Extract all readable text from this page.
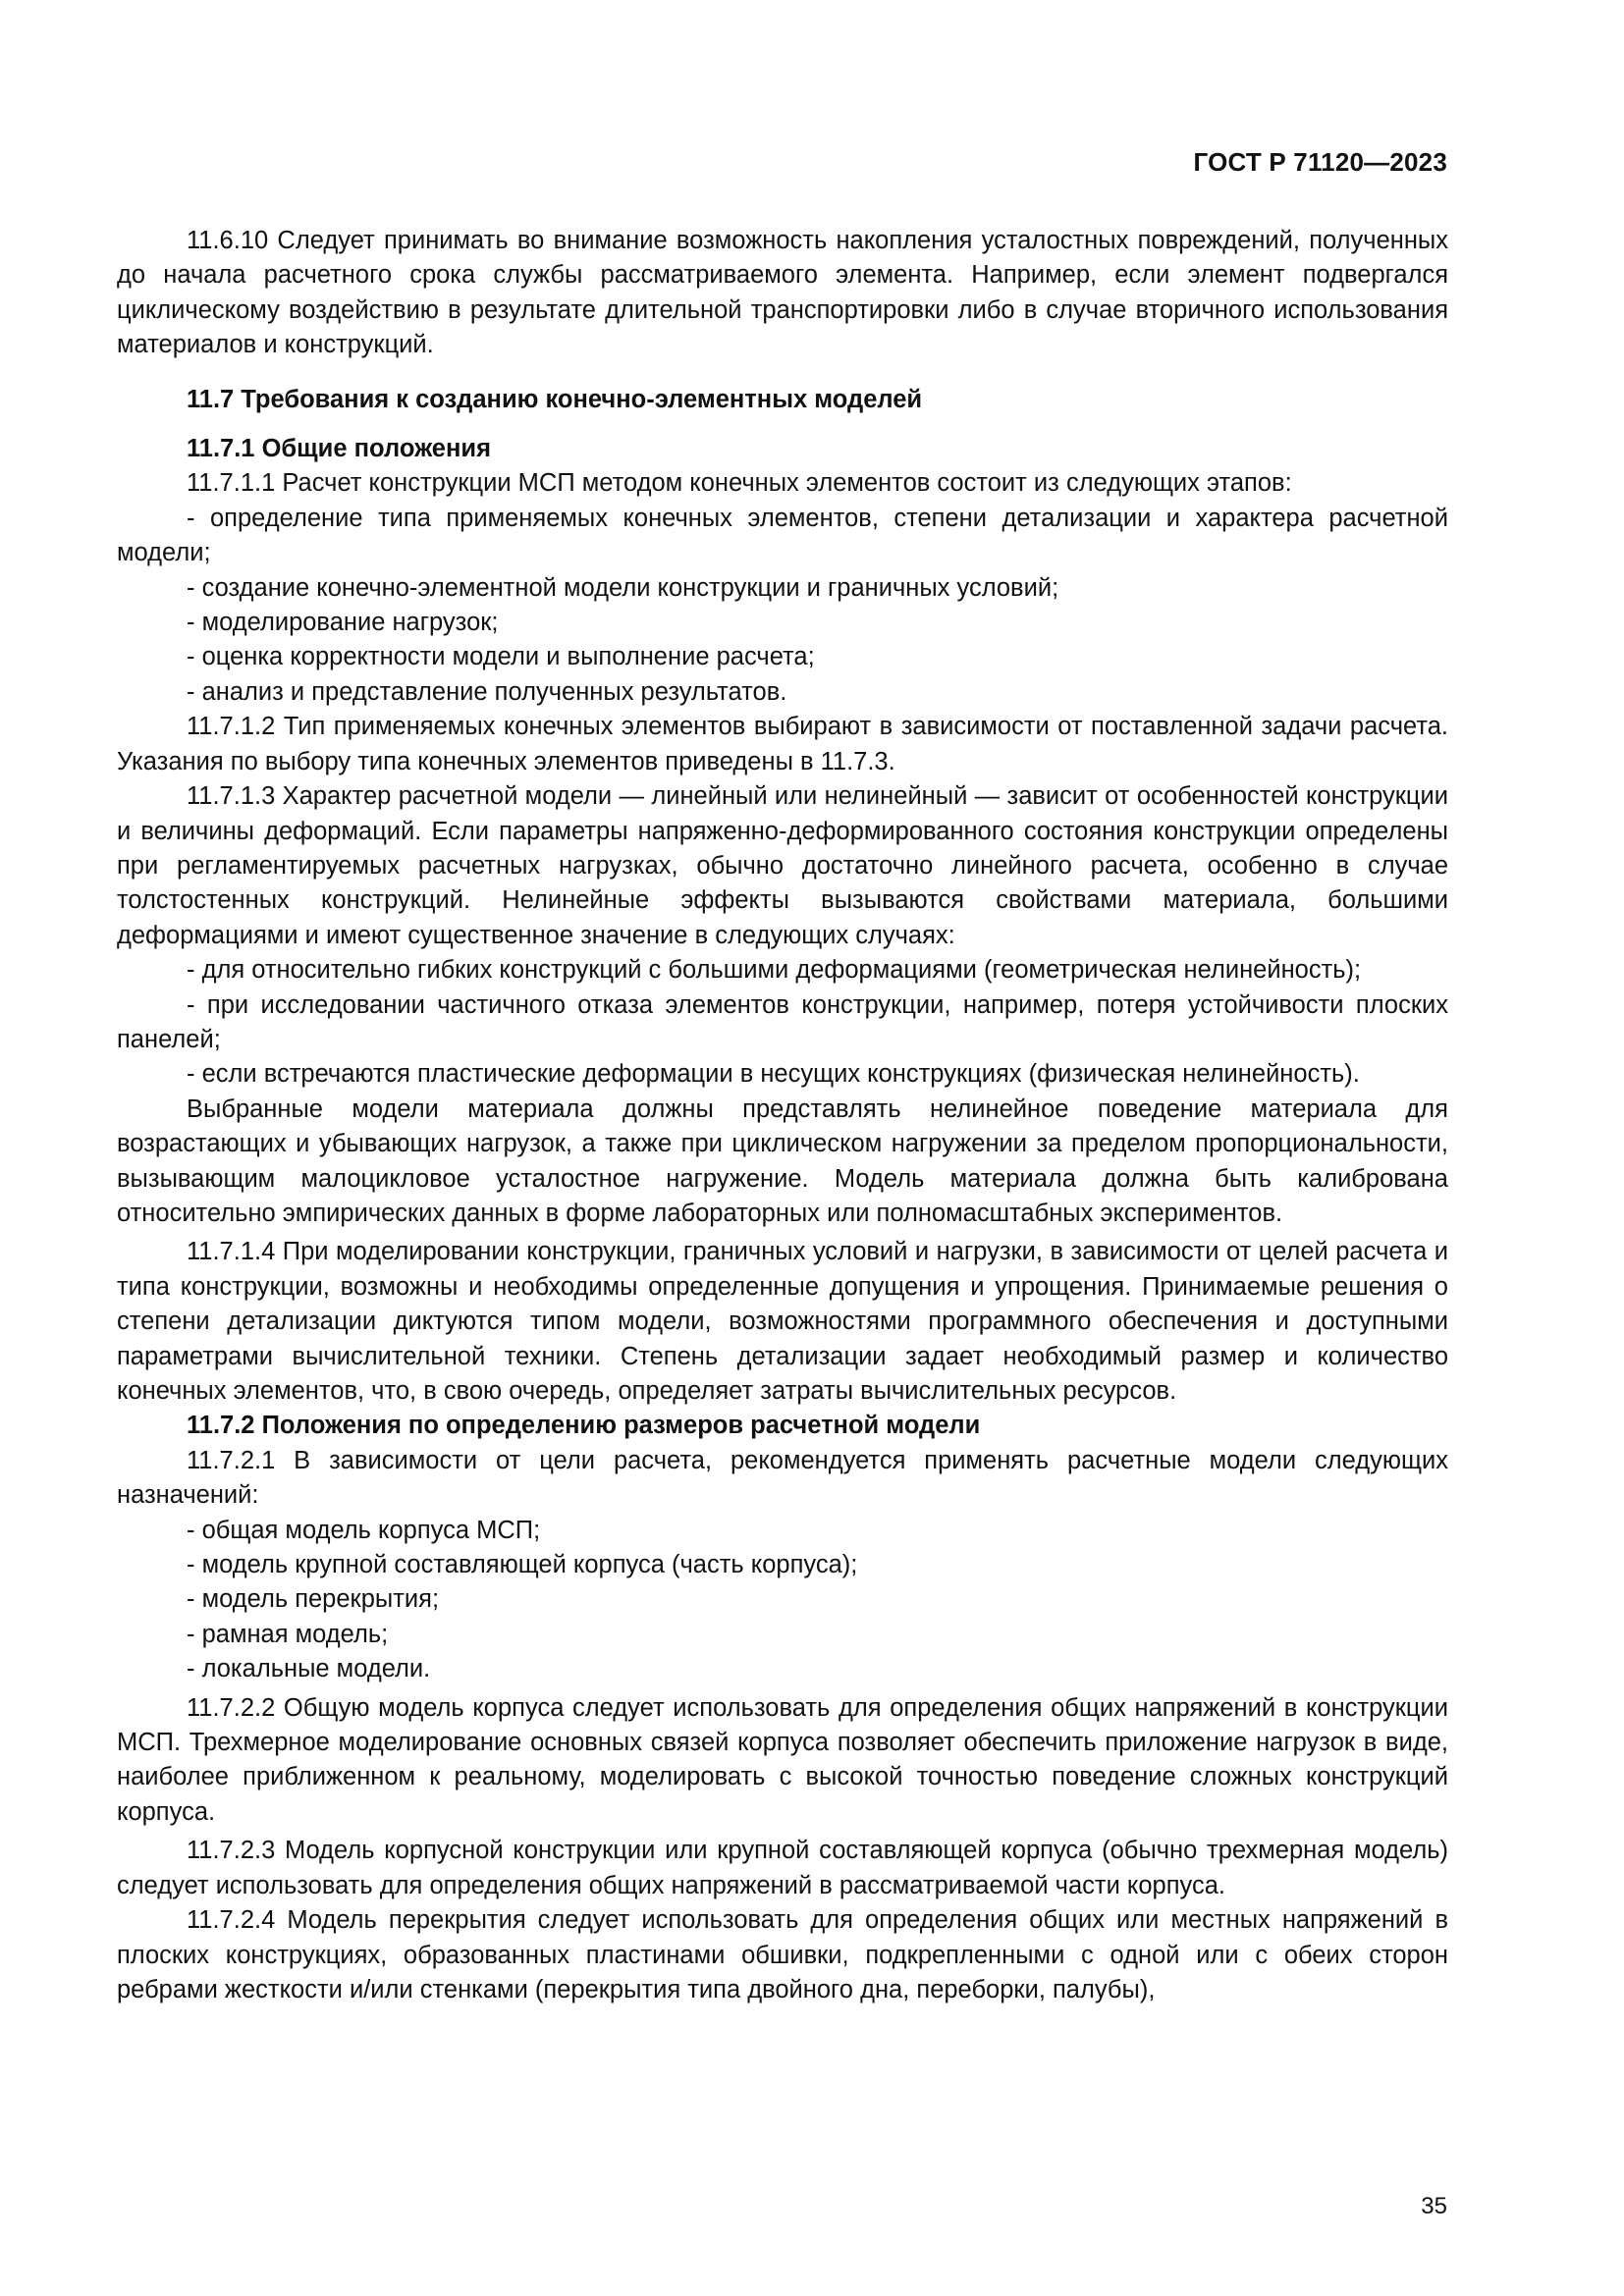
ГОСТ Р 71120—2023

11.6.10 Следует принимать во внимание возможность накопления усталостных повреждений, полученных до начала расчетного срока службы рассматриваемого элемента. Например, если элемент подвергался циклическому воздействию в результате длительной транспортировки либо в случае вторичного использования материалов и конструкций.

11.7 Требования к созданию конечно-элементных моделей

11.7.1 Общие положения

11.7.1.1 Расчет конструкции МСП методом конечных элементов состоит из следующих этапов:

- определение типа применяемых конечных элементов, степени детализации и характера расчетной модели;

- создание конечно-элементной модели конструкции и граничных условий;

- моделирование нагрузок;

- оценка корректности модели и выполнение расчета;

- анализ и представление полученных результатов.

11.7.1.2 Тип применяемых конечных элементов выбирают в зависимости от поставленной задачи расчета. Указания по выбору типа конечных элементов приведены в 11.7.3.

11.7.1.3 Характер расчетной модели — линейный или нелинейный — зависит от особенностей конструкции и величины деформаций. Если параметры напряженно-деформированного состояния конструкции определены при регламентируемых расчетных нагрузках, обычно достаточно линейного расчета, особенно в случае толстостенных конструкций. Нелинейные эффекты вызываются свойствами материала, большими деформациями и имеют существенное значение в следующих случаях:

- для относительно гибких конструкций с большими деформациями (геометрическая нелинейность);

- при исследовании частичного отказа элементов конструкции, например, потеря устойчивости плоских панелей;

- если встречаются пластические деформации в несущих конструкциях (физическая нелинейность).

Выбранные модели материала должны представлять нелинейное поведение материала для возрастающих и убывающих нагрузок, а также при циклическом нагружении за пределом пропорциональности, вызывающим малоцикловое усталостное нагружение. Модель материала должна быть калибрована относительно эмпирических данных в форме лабораторных или полномасштабных экспериментов.

11.7.1.4 При моделировании конструкции, граничных условий и нагрузки, в зависимости от целей расчета и типа конструкции, возможны и необходимы определенные допущения и упрощения. Принимаемые решения о степени детализации диктуются типом модели, возможностями программного обеспечения и доступными параметрами вычислительной техники. Степень детализации задает необходимый размер и количество конечных элементов, что, в свою очередь, определяет затраты вычислительных ресурсов.

11.7.2 Положения по определению размеров расчетной модели

11.7.2.1 В зависимости от цели расчета, рекомендуется применять расчетные модели следующих назначений:

- общая модель корпуса МСП;

- модель крупной составляющей корпуса (часть корпуса);

- модель перекрытия;

- рамная модель;

- локальные модели.

11.7.2.2 Общую модель корпуса следует использовать для определения общих напряжений в конструкции МСП. Трехмерное моделирование основных связей корпуса позволяет обеспечить приложение нагрузок в виде, наиболее приближенном к реальному, моделировать с высокой точностью поведение сложных конструкций корпуса.

11.7.2.3 Модель корпусной конструкции или крупной составляющей корпуса (обычно трехмерная модель) следует использовать для определения общих напряжений в рассматриваемой части корпуса.

11.7.2.4 Модель перекрытия следует использовать для определения общих или местных напряжений в плоских конструкциях, образованных пластинами обшивки, подкрепленными с одной или с обеих сторон ребрами жесткости и/или стенками (перекрытия типа двойного дна, переборки, палубы),

35
